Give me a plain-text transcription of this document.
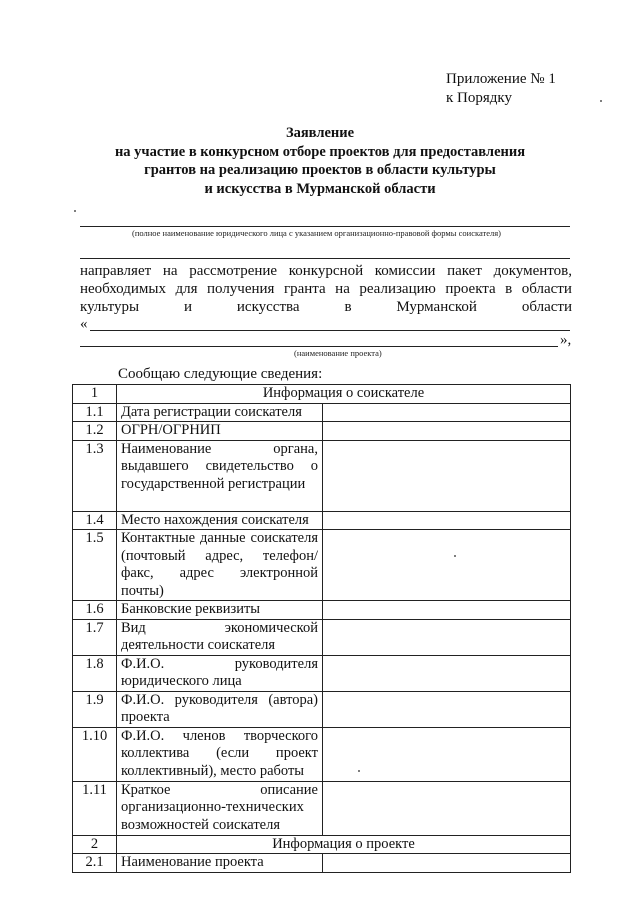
Приложение № 1
к Порядку
Заявление
на участие в конкурсном отборе проектов для предоставления
грантов на реализацию проектов в области культуры
и искусства в Мурманской области
(полное наименование юридического лица с указанием организационно-правовой формы соискателя)
направляет на рассмотрение конкурсной комиссии пакет документов,
необходимых для получения гранта на реализацию проекта в области
культуры	и	искусства	в	Мурманской	области
«
»,
(наименование проекта)
Сообщаю следующие сведения:
1	Информация о соискателе	
1.1	Дата регистрации соискателя	
1.2	ОГРН/ОГРНИП	
1.3	Наименование органа, выдавшего свидетельство о государственной регистрации	
1.4	Место нахождения соискателя	
1.5	Контактные данные соискателя (почтовый адрес, телефон/факс, адрес электронной почты)	
1.6	Банковские реквизиты	
1.7	Вид экономической деятельности соискателя	
1.8	Ф.И.О. руководителя юридического лица	
1.9	Ф.И.О. руководителя (автора) проекта	
1.10	Ф.И.О. членов творческого коллектива (если проект коллективный), место работы	
1.11	Краткое описание организационно-технических возможностей соискателя	
2	Информация о проекте	
2.1	Наименование проекта	
